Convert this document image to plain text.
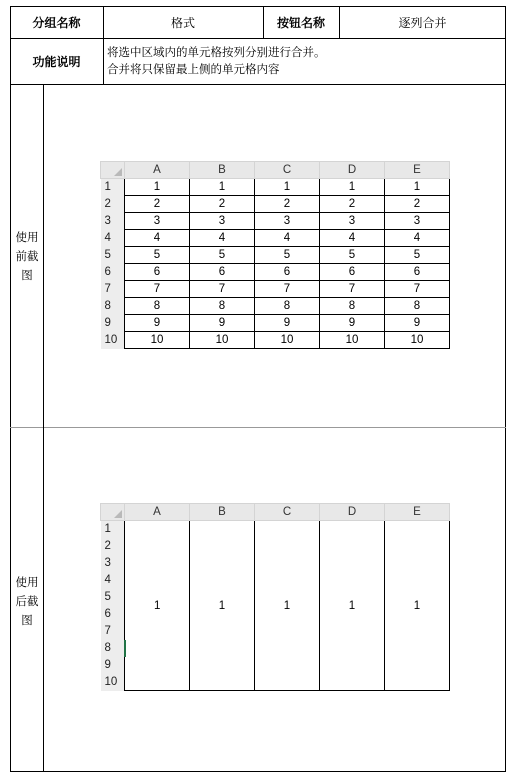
分组名称	格式	按钮名称	逐列合并
功能说明
将选中区域内的单元格按列分别进行合并。
合并将只保留最上侧的单元格内容
使用
前截
图
使用
后截
图
	A	B	C	D	E
1	1	1	1	1	1
2	2	2	2	2	2
3	3	3	3	3	3
4	4	4	4	4	4
5	5	5	5	5	5
6	6	6	6	6	6
7	7	7	7	7	7
8	8	8	8	8	8
9	9	9	9	9	9
10	10	10	10	10	10
	A	B	C	D	E
1	1	1	1	1	1
2					
3					
4					
5					
6					
7					
8					
9					
10					
